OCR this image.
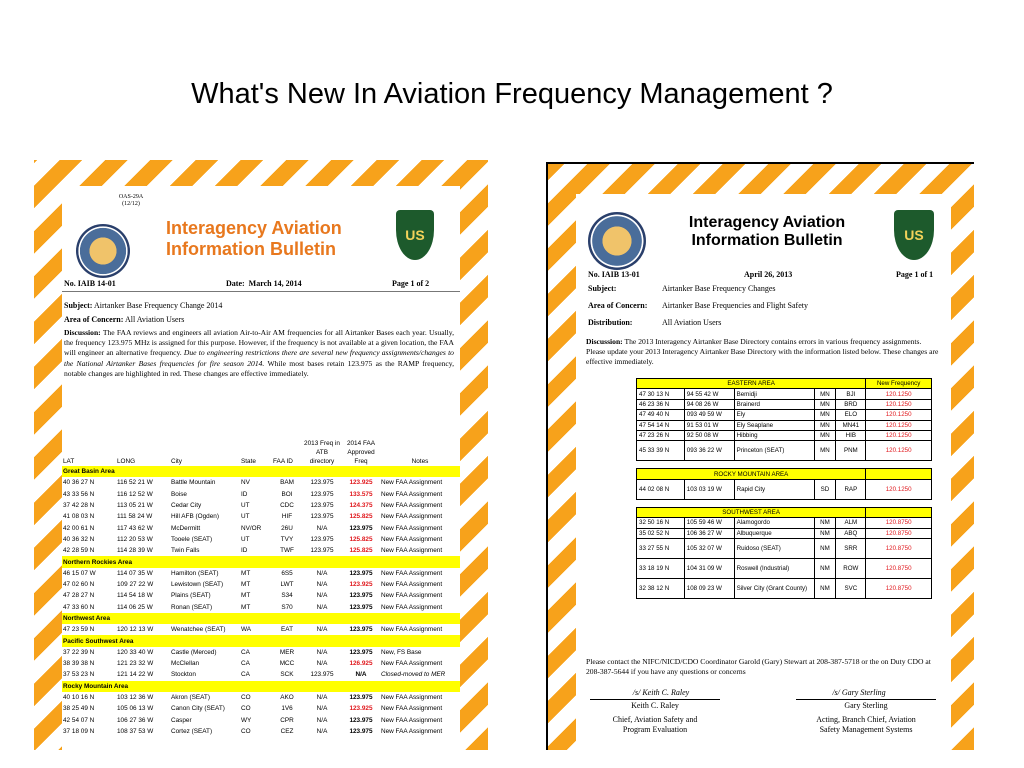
What's New In Aviation Frequency Management ?
OAS-29A
(12/12)
Interagency Aviation
Information Bulletin
US
No. IAIB 14-01	Date: March 14, 2014	Page 1 of 2
Subject: Airtanker Base Frequency Change 2014
Area of Concern: All Aviation Users
Discussion: The FAA reviews and engineers all aviation Air-to-Air AM frequencies for all Airtanker Bases each year. Usually, the frequency 123.975 MHz is assigned for this purpose. However, if the frequency is not available at a given location, the FAA will engineer an alternative frequency. Due to engineering restrictions there are several new frequency assignments/changes to the National Airtanker Bases frequencies for fire season 2014. While most bases retain 123.975 as the RAMP frequency, notable changes are highlighted in red. These changes are effective immediately.
LAT	LONG	City	State	FAA ID	2013 Freq in ATB directory	2014 FAA Approved Freq	Notes
Great Basin Area							
40 36 27 N	116 52 21 W	Battle Mountain	NV	BAM	123.975	123.925	New FAA Assignment
43 33 56 N	116 12 52 W	Boise	ID	BOI	123.975	133.575	New FAA Assignment
37 42 28 N	113 05 21 W	Cedar City	UT	CDC	123.975	124.375	New FAA Assignment
41 08 03 N	111 58 24 W	Hill AFB (Ogden)	UT	HIF	123.975	125.825	New FAA Assignment
42 00 61 N	117 43 62 W	McDermitt	NV/OR	26U	N/A	123.975	New FAA Assignment
40 36 32 N	112 20 53 W	Tooele (SEAT)	UT	TVY	123.975	125.825	New FAA Assignment
42 28 59 N	114 28 39 W	Twin Falls	ID	TWF	123.975	125.825	New FAA Assignment
Northern Rockies Area							
46 15 07 W	114 07 35 W	Hamilton (SEAT)	MT	6S5	N/A	123.975	New FAA Assignment
47 02 60 N	109 27 22 W	Lewistown (SEAT)	MT	LWT	N/A	123.925	New FAA Assignment
47 28 27 N	114 54 18 W	Plains (SEAT)	MT	S34	N/A	123.975	New FAA Assignment
47 33 60 N	114 06 25 W	Ronan (SEAT)	MT	S70	N/A	123.975	New FAA Assignment
Northwest Area							
47 23 59 N	120 12 13 W	Wenatchee (SEAT)	WA	EAT	N/A	123.975	New FAA Assignment
Pacific Southwest Area							
37 22 39 N	120 33 40 W	Castle (Merced)	CA	MER	N/A	123.975	New, FS Base
38 39 38 N	121 23 32 W	McClellan	CA	MCC	N/A	126.925	New FAA Assignment
37 53 23 N	121 14 22 W	Stockton	CA	SCK	123.975	N/A	Closed-moved to MER
Rocky Mountain Area							
40 10 16 N	103 12 36 W	Akron (SEAT)	CO	AKO	N/A	123.975	New FAA Assignment
38 25 49 N	105 06 13 W	Canon City (SEAT)	CO	1V6	N/A	123.925	New FAA Assignment
42 54 07 N	106 27 36 W	Casper	WY	CPR	N/A	123.975	New FAA Assignment
37 18 09 N	108 37 53 W	Cortez (SEAT)	CO	CEZ	N/A	123.975	New FAA Assignment
Interagency Aviation
Information Bulletin	US
No. IAIB 13-01	April 26, 2013	Page 1 of 1
Subject:	Airtanker Base Frequency Changes
Area of Concern: Airtanker Base Frequencies and Flight Safety
Distribution:	All Aviation Users
Discussion: The 2013 Interagency Airtanker Base Directory contains errors in various frequency assignments. Please update your 2013 Interagency Airtanker Base Directory with the information listed below. These changes are effective immediately.
EASTERN AREA					New Frequency
47 30 13 N	94 55 42 W	Bemidji	MN	BJI	120.1250
46 23 36 N	94 08 26 W	Brainerd	MN	BRD	120.1250
47 49 40 N	093 49 59 W	Ely	MN	ELO	120.1250
47 54 14 N	91 53 01 W	Ely Seaplane	MN	MN41	120.1250
47 23 26 N	92 50 08 W	Hibbing	MN	HIB	120.1250
45 33 39 N	093 36 22 W	Princeton (SEAT)	MN	PNM	120.1250

ROCKY MOUNTAIN AREA					
44 02 08 N	103 03 19 W	Rapid City	SD	RAP	120.1250

SOUTHWEST AREA					
32 50 16 N	105 59 46 W	Alamogordo	NM	ALM	120.8750
35 02 52 N	106 36 27 W	Albuquerque	NM	ABQ	120.8750
33 27 55 N	105 32 07 W	Ruidoso (SEAT)	NM	SRR	120.8750
33 18 19 N	104 31 09 W	Roswell (Industrial)	NM	ROW	120.8750
32 38 12 N	108 09 23 W	Silver City (Grant County)	NM	SVC	120.8750
Please contact the NIFC/NICD/CDO Coordinator Garold (Gary) Stewart at 208-387-5718 or the on Duty CDO at 208-387-5644 if you have any questions or concerns
/s/ Keith C. Raley
Keith C. Raley
Chief, Aviation Safety and
Program Evaluation
/s/ Gary Sterling
Gary Sterling
Acting, Branch Chief, Aviation
Safety Management Systems
